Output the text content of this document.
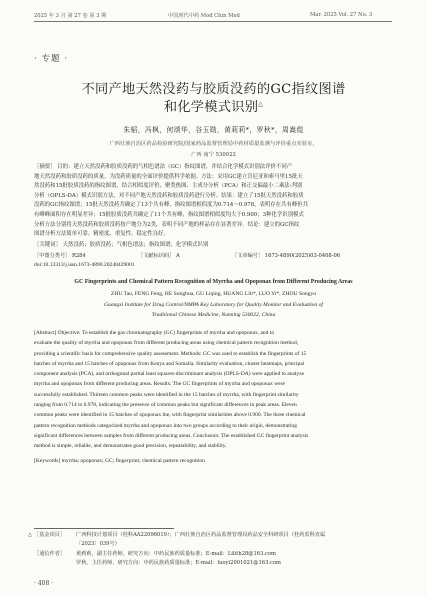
2025 年 3 月 第 27 卷 第 3 期	中国现代中药 Mod Chin Med	Mar. 2025 Vol. 27 No. 3
· 专题 ·
不同产地天然没药与胶质没药的GC指纹图谱
和化学模式识别△
朱韬，冯枫，何颂华，谷玉勋，黄莉莉*，罗秋*，周嵩煜
广西壮族自治区药品检验研究院/国家药品监督管理局中药材质量监测与评价重点实验室，
广西 南宁 530022
［摘要］ 目的：建立天然没药和胶质没药的气相色谱法（GC）指纹图谱，并结合化学模式识别法评价不同产
地天然没药和胶质没药的质量，为没药质量的全面评价提供科学依据。方法：采用GC建立肯尼亚和索马里15批天
然没药和15批胶质没药的指纹图谱，结合相似度评价、聚类热图、主成分分析（PCA）和正交偏最小二乘法-判别
分析（OPLS-DA）模式识别方法，对不同产地天然没药和胶质没药进行分析。结果：建立了15批天然没药和胶质
没药的GC指纹图谱；15批天然没药共确定了13个共有峰，指纹图谱相似度为0.714～0.978，表明存在共有峰但共
有峰峰面积存在明显差异；15批胶质没药共确定了11个共有峰，指纹图谱相似度均大于0.900；3种化学识别模式
分析方法分别将天然没药和胶质没药按产地分为2类，表明不同产地的样品存在显著差异。结论：建立的GC指纹
图谱分析方法简单可靠、精密度、重复性、稳定性良好。
［关键词］ 天然没药；胶质没药；气相色谱法；指纹图谱；化学模式识别
［中图分类号］ R284	［文献标识码］ A	［文章编号］ 1673-4890(2025)03-0408-06
doi:10.13313/j.issn.1673-4890.20240429001
GC Fingerprints and Chemical Pattern Recognition of Myrrha and Opoponax from Different Producing Areas
ZHU Tao, FENG Feng, HE Songhua, GU Liqing, HUANG Lili*, LUO Yi*, ZHOU Songyu
Guangxi Institute for Drug Control/NMPA Key Laboratory for Quality Monitor and Evaluation of
Traditional Chinese Medicine, Nanning 530022, China
[Abstract] Objective: To establish the gas chromatography (GC) fingerprints of myrrha and opoponax, and to
evaluate the quality of myrrha and opoponax from different producing areas using chemical pattern recognition method,
providing a scientific basis for comprehensive quality assessment. Methods: GC was used to establish the fingerprints of 15
batches of myrrha and 15 batches of opoponax from Kenya and Somalia. Similarity evaluation, cluster heatmaps, principal
component analysis (PCA), and orthogonal partial least squares-discriminant analysis (OPLS-DA) were applied to analyze
myrrha and opoponax from different producing areas. Results: The GC fingerprints of myrrha and opoponax were
successfully established. Thirteen common peaks were identified in the 15 batches of myrrha, with fingerprint similarity
ranging from 0.714 to 0.978, indicating the presence of common peaks but significant differences in peak areas. Eleven
common peaks were identified in 15 batches of opoponax the, with fingerprint similarities above 0.900. The three chemical
pattern recognition methods categorized myrrha and opoponax into two groups according to their origin, demonstrating
significant differences between samples from different producing areas. Conclusion: The established GC fingerprint analysis
method is simple, reliable, and demonstrates good precision, repeatability, and stability.
[Keywords] myrrha; opoponax; GC; fingerprint; chemical pattern recognition
△ ［基金项目］ 广西科技计划项目（桂科AA22096019）；广西壮族自治区药品监督管理局药品安全科研项目（桂药监科直属
〔2023〕039号）
［通信作者］ 黄莉莉，副主任药师，研究方向：中药民族药质量标准；E-mail：Lilith28@163.com
罗秋，主任药师，研究方向：中药民族药质量标准；E-mail：luoyi2001021@163.com
· 408 ·
